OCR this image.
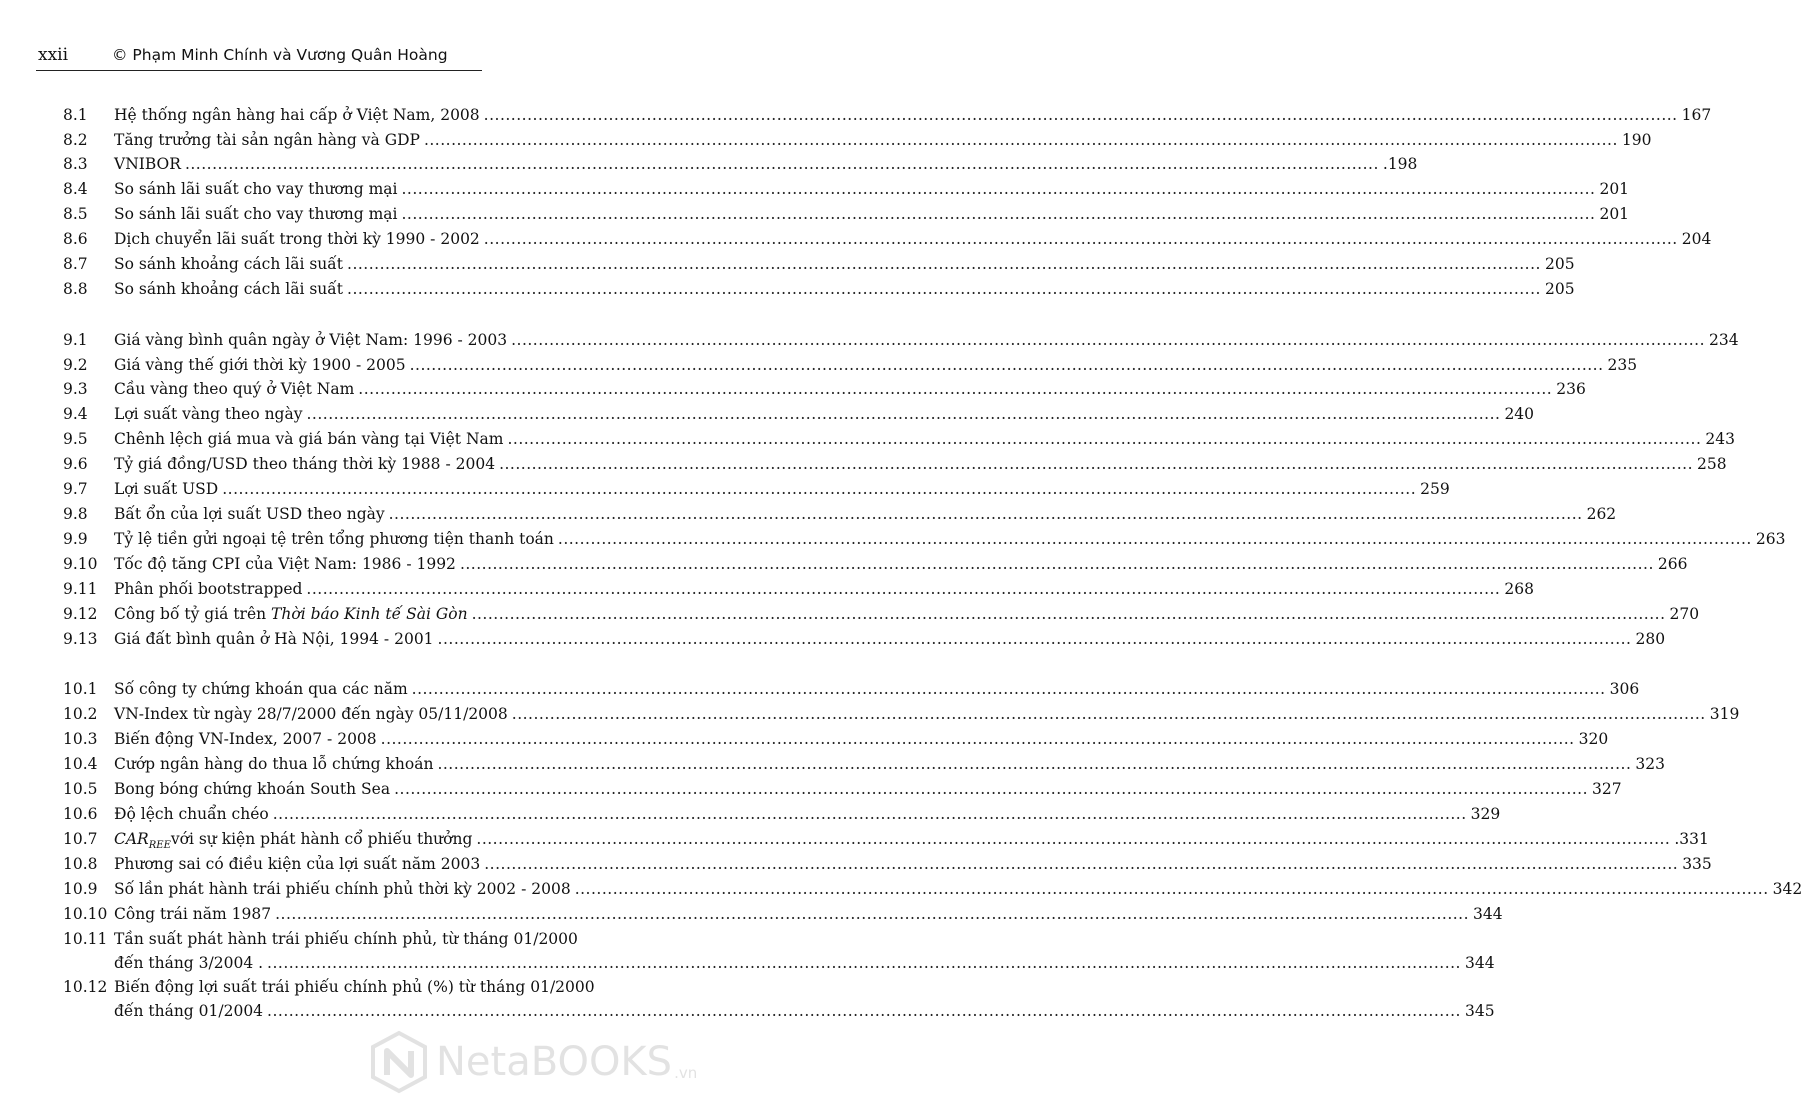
xxii	© Phạm Minh Chính và Vương Quân Hoàng
8.1 Hệ thống ngân hàng hai cấp ở Việt Nam, 2008 ............................................................................................................................................................................................................................ 167
8.2 Tăng trưởng tài sản ngân hàng và GDP ............................................................................................................................................................................................................................ 190
8.3 VNIBOR ............................................................................................................................................................................................................................ .198
8.4 So sánh lãi suất cho vay thương mại ............................................................................................................................................................................................................................ 201
8.5 So sánh lãi suất cho vay thương mại ............................................................................................................................................................................................................................ 201
8.6 Dịch chuyển lãi suất trong thời kỳ 1990 - 2002 ............................................................................................................................................................................................................................ 204
8.7 So sánh khoảng cách lãi suất ............................................................................................................................................................................................................................ 205
8.8 So sánh khoảng cách lãi suất ............................................................................................................................................................................................................................ 205
9.1 Giá vàng bình quân ngày ở Việt Nam: 1996 - 2003 ............................................................................................................................................................................................................................ 234
9.2 Giá vàng thế giới thời kỳ 1900 - 2005 ............................................................................................................................................................................................................................ 235
9.3 Cầu vàng theo quý ở Việt Nam ............................................................................................................................................................................................................................ 236
9.4 Lợi suất vàng theo ngày ............................................................................................................................................................................................................................ 240
9.5 Chênh lệch giá mua và giá bán vàng tại Việt Nam ............................................................................................................................................................................................................................ 243
9.6 Tỷ giá đồng/USD theo tháng thời kỳ 1988 - 2004 ............................................................................................................................................................................................................................ 258
9.7 Lợi suất USD ............................................................................................................................................................................................................................ 259
9.8 Bất ổn của lợi suất USD theo ngày ............................................................................................................................................................................................................................ 262
9.9 Tỷ lệ tiền gửi ngoại tệ trên tổng phương tiện thanh toán ............................................................................................................................................................................................................................ 263
9.10 Tốc độ tăng CPI của Việt Nam: 1986 - 1992 ............................................................................................................................................................................................................................ 266
9.11 Phân phối bootstrapped ............................................................................................................................................................................................................................ 268
9.12 Công bố tỷ giá trên Thời báo Kinh tế Sài Gòn ............................................................................................................................................................................................................................ 270
9.13 Giá đất bình quân ở Hà Nội, 1994 - 2001 ............................................................................................................................................................................................................................ 280
10.1 Số công ty chứng khoán qua các năm ............................................................................................................................................................................................................................ 306
10.2 VN-Index từ ngày 28/7/2000 đến ngày 05/11/2008 ............................................................................................................................................................................................................................ 319
10.3 Biến động VN-Index, 2007 - 2008 ............................................................................................................................................................................................................................ 320
10.4 Cướp ngân hàng do thua lỗ chứng khoán ............................................................................................................................................................................................................................ 323
10.5 Bong bóng chứng khoán South Sea ............................................................................................................................................................................................................................ 327
10.6 Độ lệch chuẩn chéo ............................................................................................................................................................................................................................ 329
10.7 $CAR_{REE}với$ sự kiện phát hành cổ phiếu thưởng ............................................................................................................................................................................................................................ .331
10.8 Phương sai có điều kiện của lợi suất năm 2003 ............................................................................................................................................................................................................................ 335
10.9 Số lần phát hành trái phiếu chính phủ thời kỳ 2002 - 2008 ............................................................................................................................................................................................................................ 342
10.10 Công trái năm 1987 ............................................................................................................................................................................................................................ 344
10.11 Tần suất phát hành trái phiếu chính phủ, từ tháng 01/2000
đến tháng 3/2004 . ............................................................................................................................................................................................................................ 344
10.12 Biến động lợi suất trái phiếu chính phủ (%) từ tháng 01/2000
đến tháng 01/2004 ............................................................................................................................................................................................................................ 345
NetaBOOKS .vn
